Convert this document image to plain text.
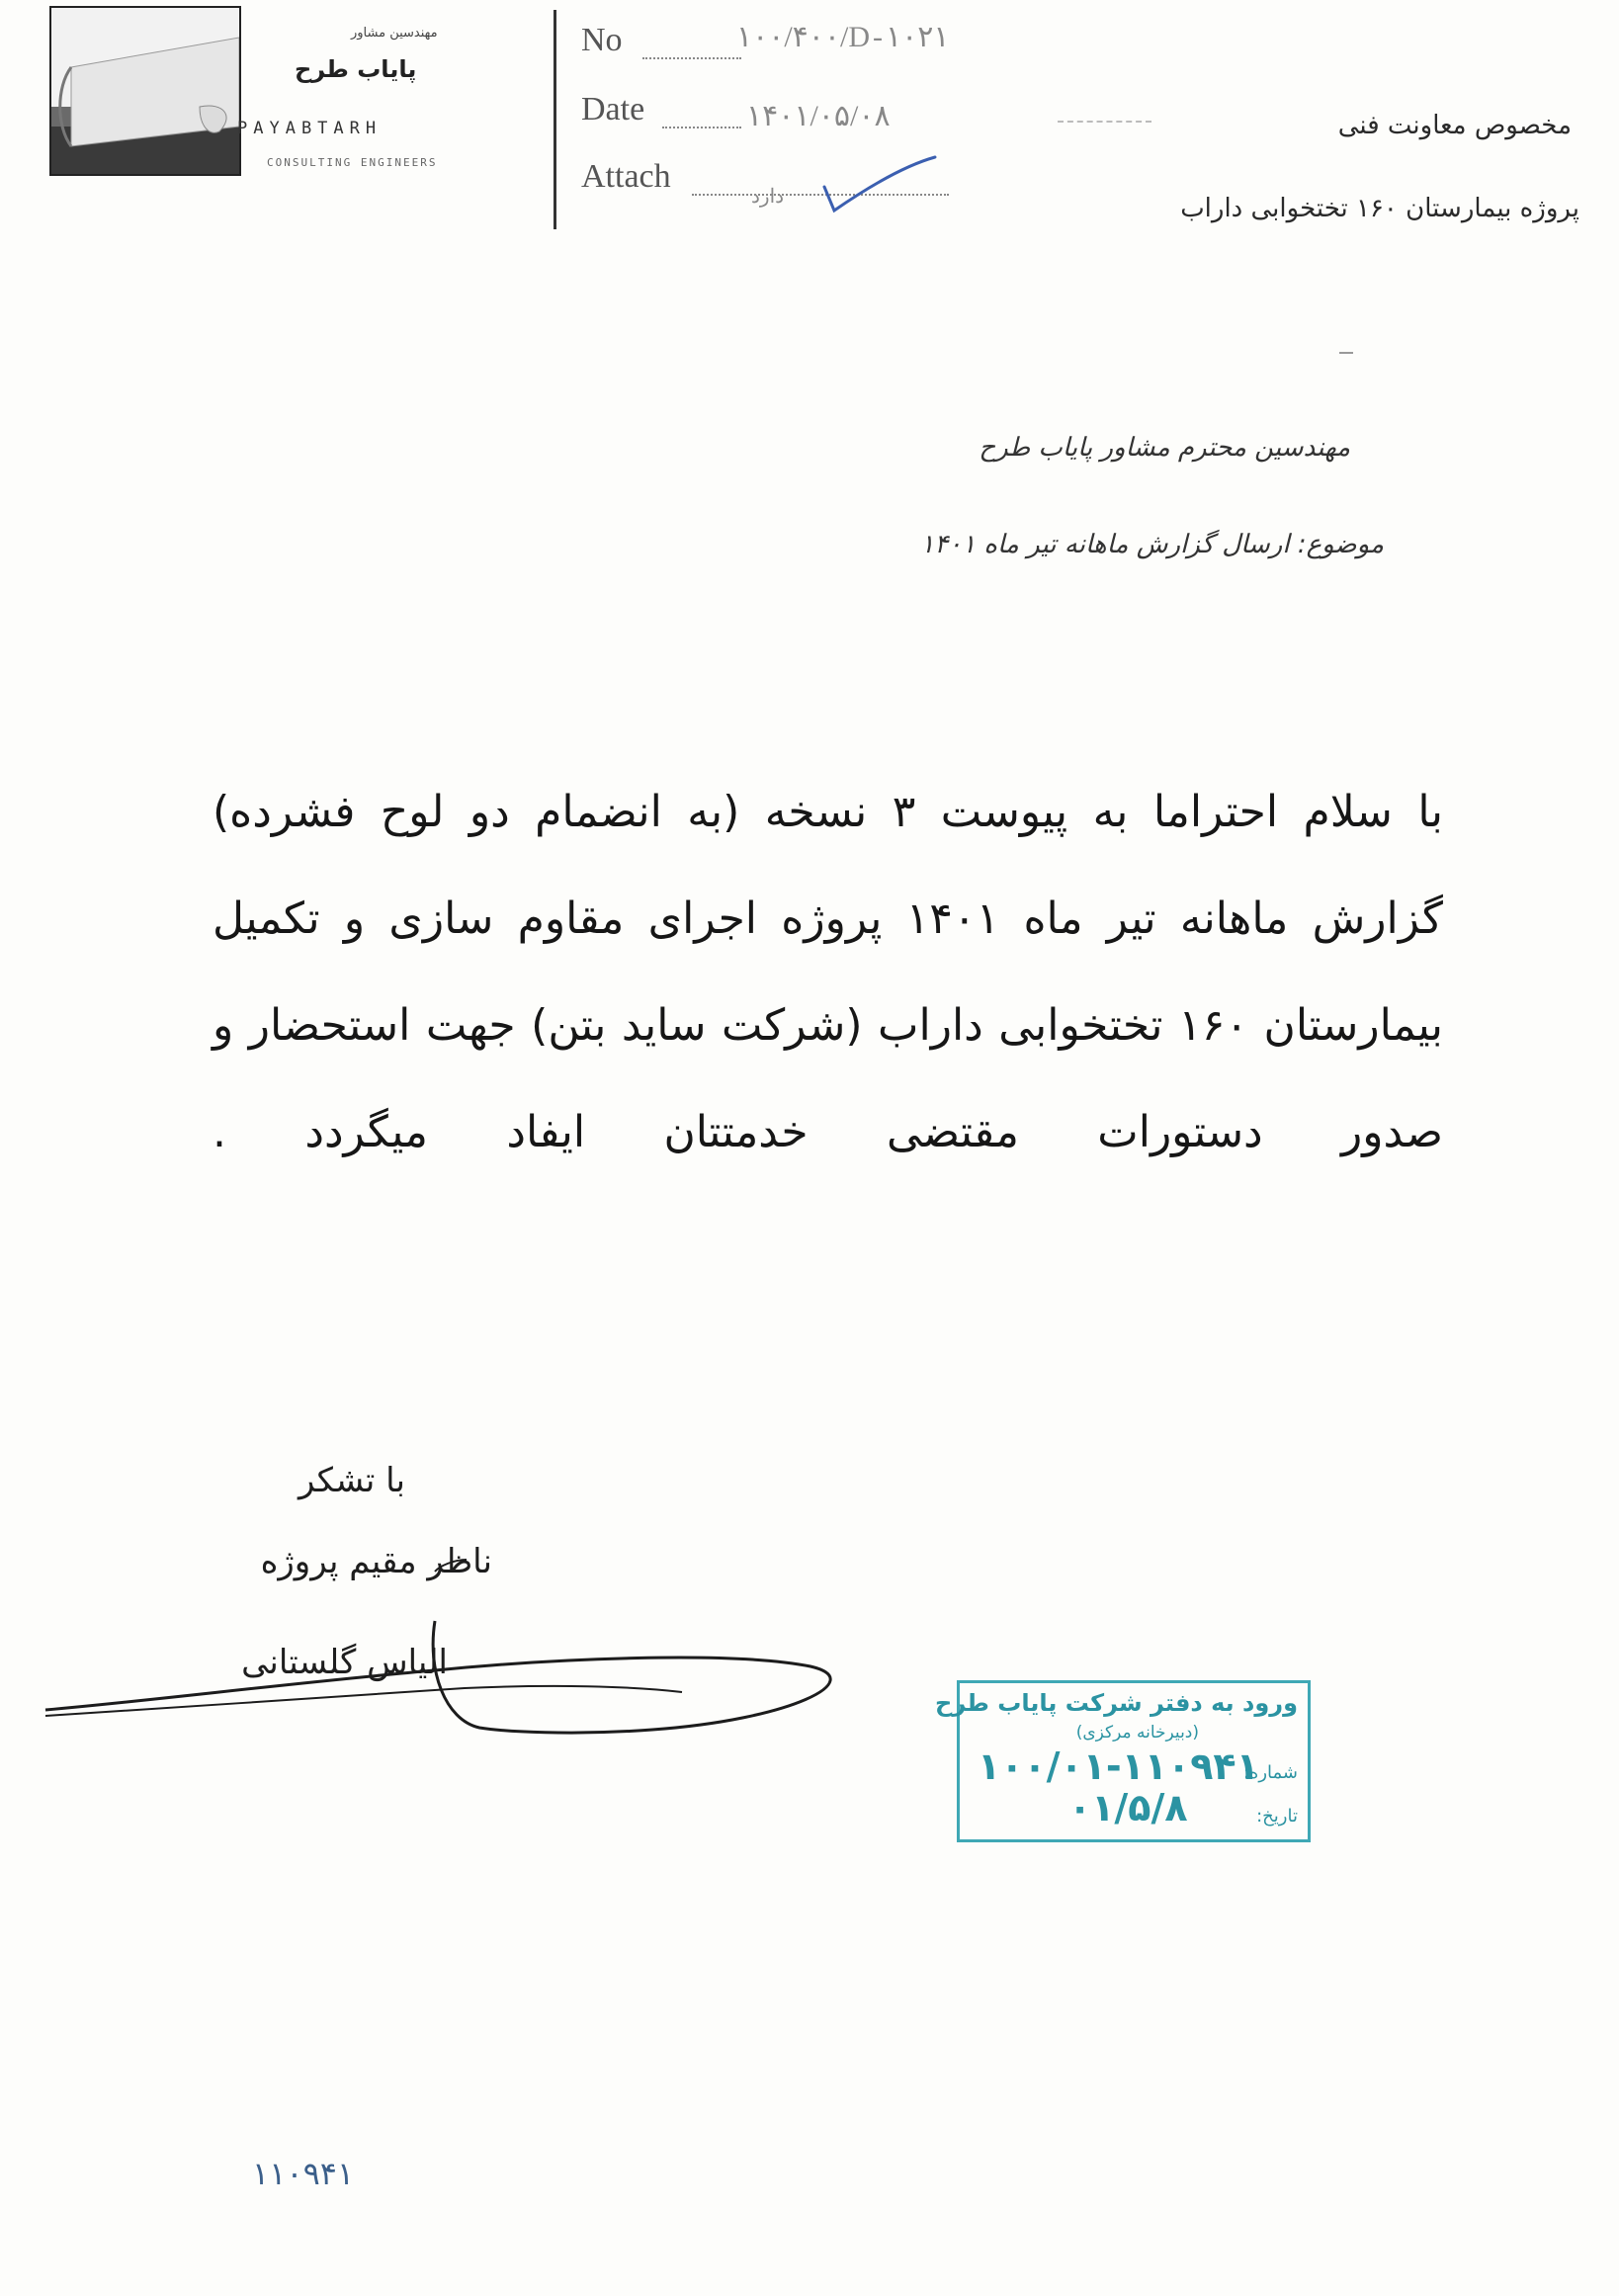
مهندسین مشاور
پایاب طرح
PAYABTARH
CONSULTING ENGINEERS
No	۱۰۰/۴۰۰/D-۱۰۲۱
Date	۱۴۰۱/۰۵/۰۸
Attach
دارد
مخصوص معاونت فنی
پروژه بیمارستان ۱۶۰ تختخوابی داراب
مهندسین محترم مشاور پایاب طرح
موضوع: ارسال گزارش ماهانه تیر ماه ۱۴۰۱
با سلام احتراما به پیوست ۳ نسخه (به انضمام دو لوح فشرده) گزارش ماهانه تیر ماه ۱۴۰۱ پروژه اجرای مقاوم سازی و تکمیل بیمارستان ۱۶۰ تختخوابی داراب (شرکت ساید بتن) جهت استحضار و صدور دستورات مقتضی خدمتتان ایفاد میگردد .
با تشکر
ناظر مقیم پروژه
الیاس گلستانی
ورود به دفتر شرکت پایاب طرح
(دبیرخانه مرکزی)
شماره:
۱۰۰/۰۱-۱۱۰۹۴۱
تاریخ:
۰۱/۵/۸
۱۱۰۹۴۱
